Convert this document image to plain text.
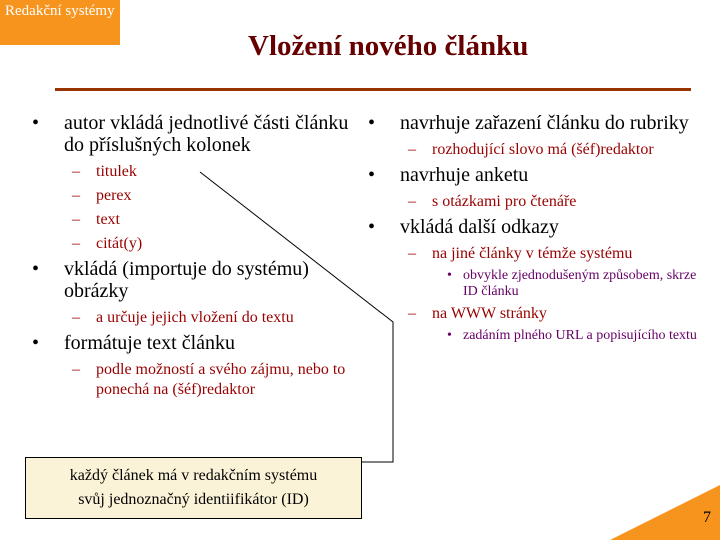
Redakční systémy
Vložení nového článku
• autor vkládá jednotlivé části článku do příslušných kolonek
– titulek
– perex
– text
– citát(y)
• vkládá (importuje do systému) obrázky
– a určuje jejich vložení do textu
• formátuje text článku
– podle možností a svého zájmu, nebo to ponechá na (šéf)redaktor
• navrhuje zařazení článku do rubriky
– rozhodující slovo má (šéf)redaktor
• navrhuje anketu
– s otázkami pro čtenáře
• vkládá další odkazy
– na jiné články v témže systému
• obvykle zjednodušeným způsobem, skrze ID článku
– na WWW stránky
• zadáním plného URL a popisujícího textu
každý článek má v redakčním systému
svůj jednoznačný identiifikátor (ID)
7
